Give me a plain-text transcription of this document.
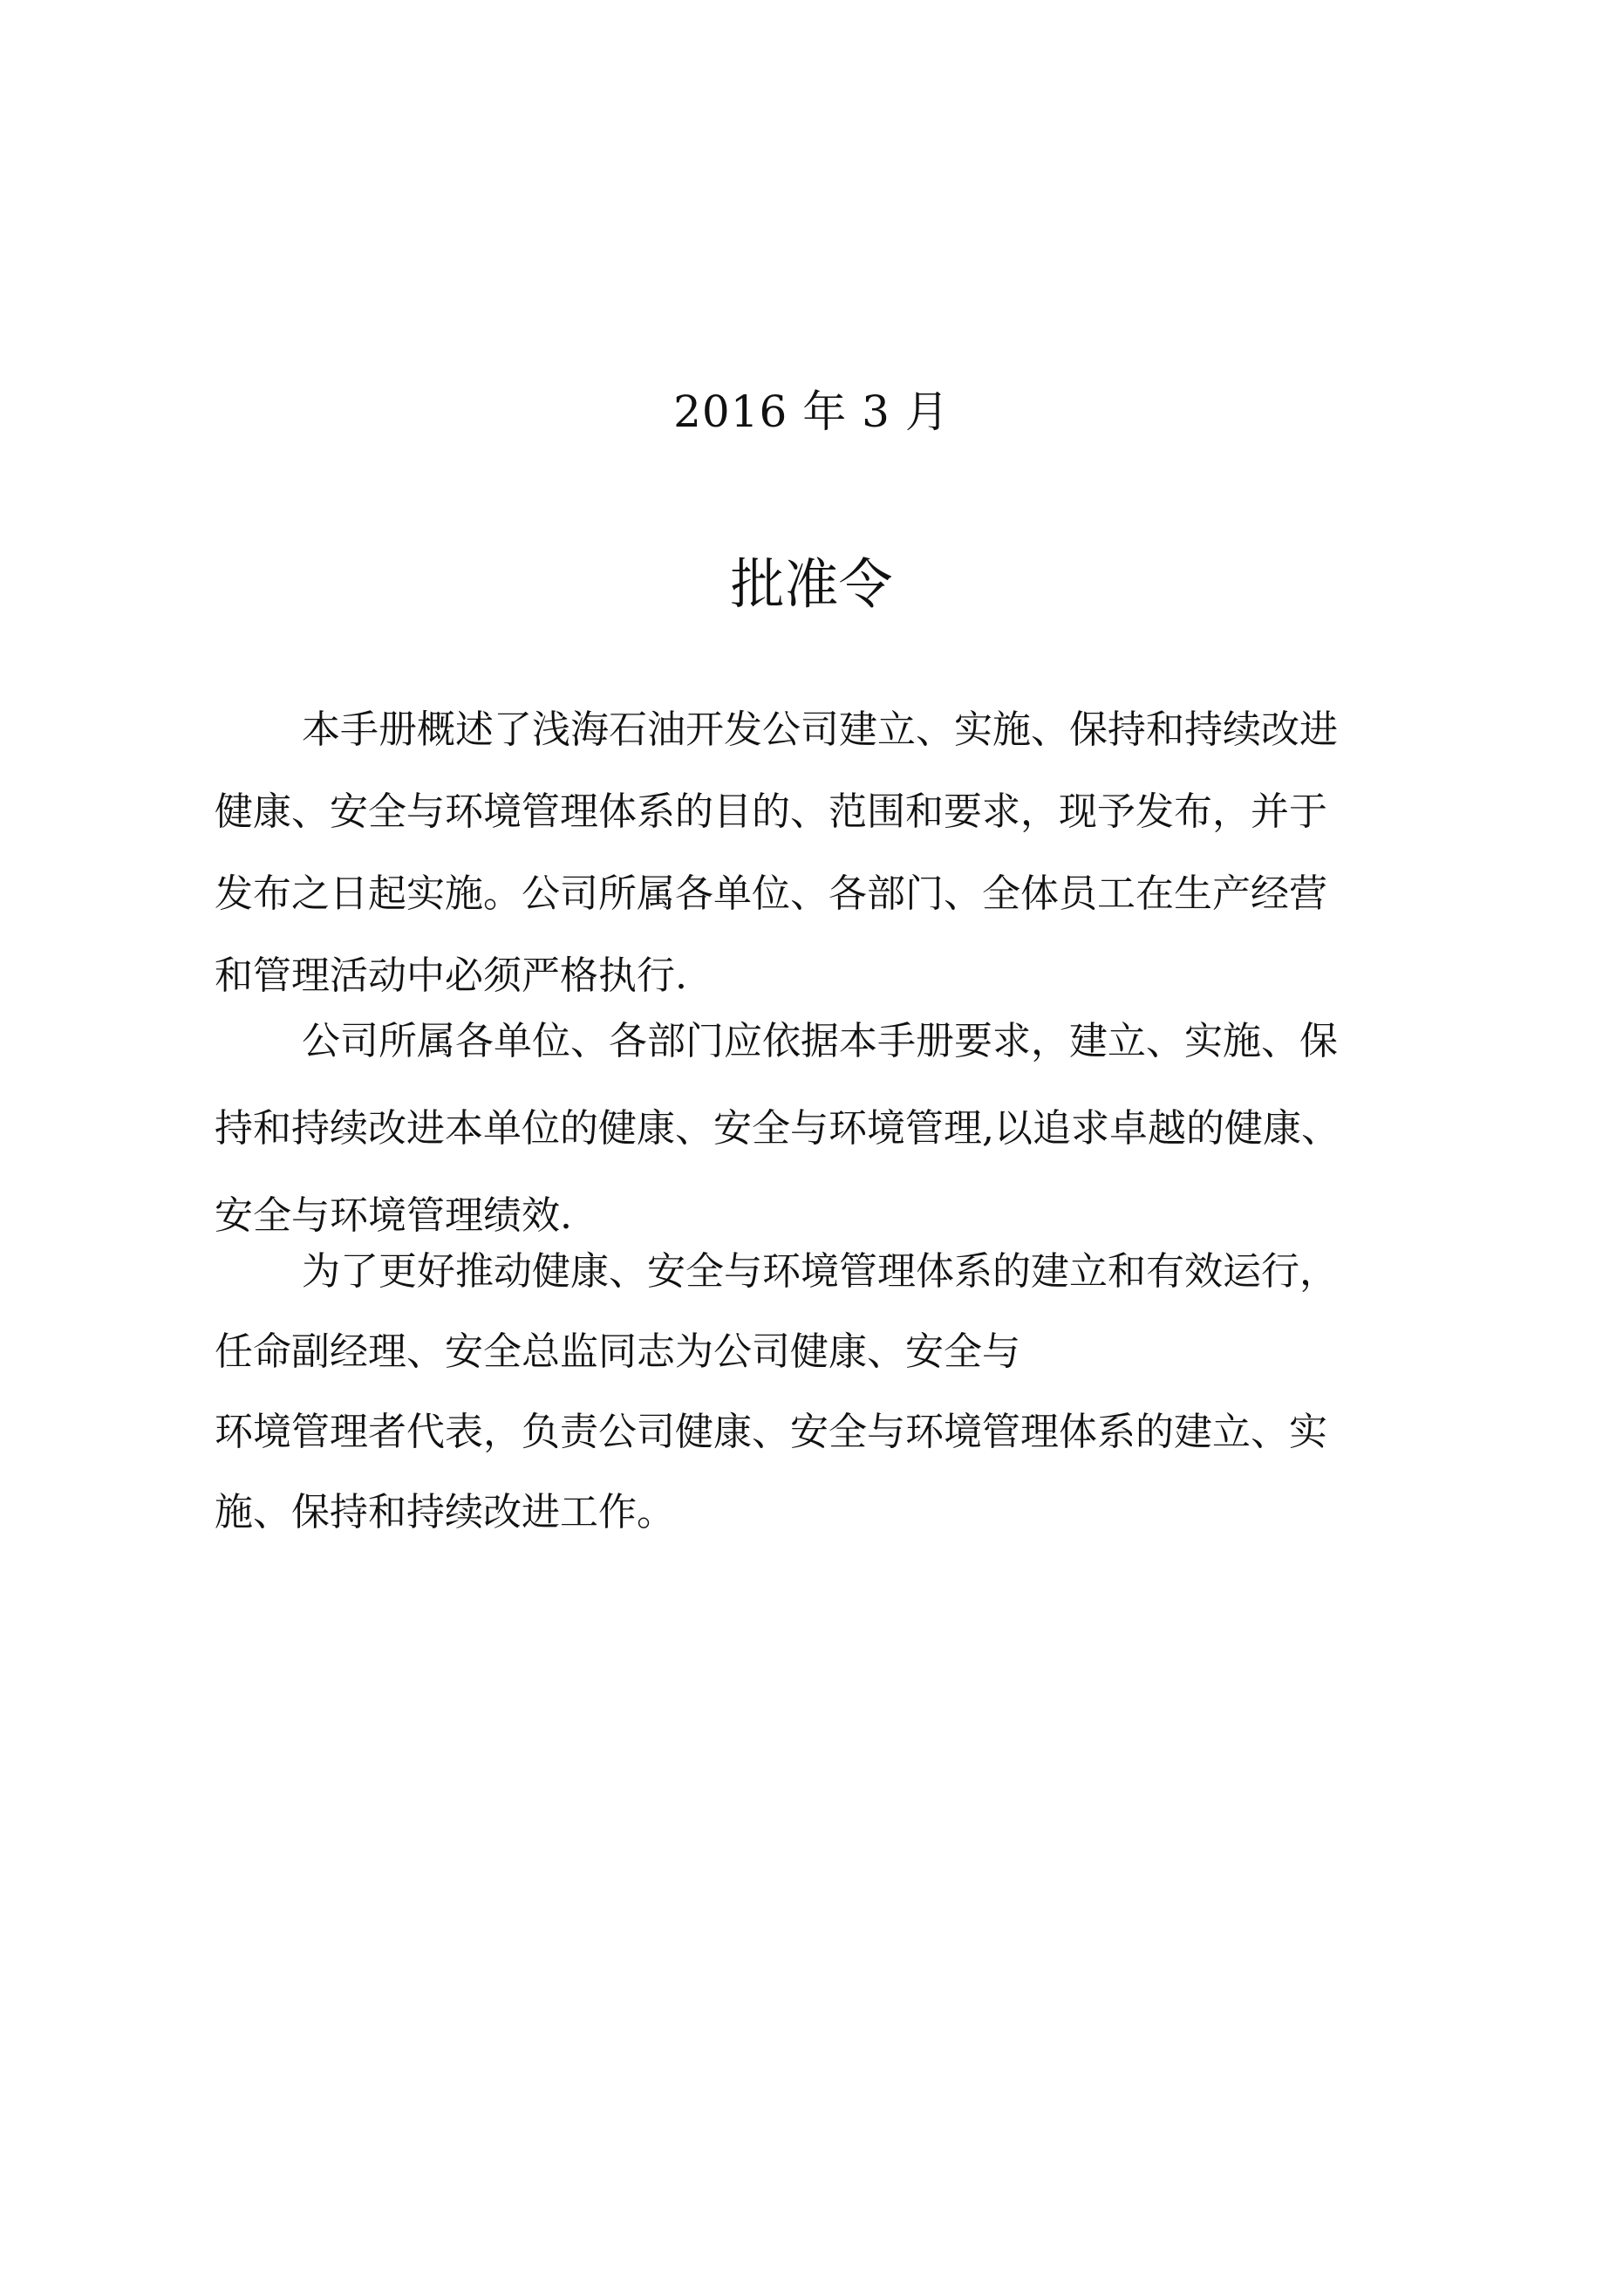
2016 年 3 月
批准令
本手册概述了浅海石油开发公司建立、实施、保持和持续改进
健康、安全与环境管理体系的目的、范围和要求，现予发布，并于
发布之日起实施。公司所属各单位、各部门、全体员工在生产经营
和管理活动中必须严格执行.
公司所属各单位、各部门应依据本手册要求，建立、实施、保
持和持续改进本单位的健康、安全与环境管理,以追求卓越的健康、
安全与环境管理绩效.
为了更好推动健康、安全与环境管理体系的建立和有效运行，
任命副经理、安全总监同志为公司健康、安全与
环境管理者代表，负责公司健康、安全与环境管理体系的建立、实
施、保持和持续改进工作。
